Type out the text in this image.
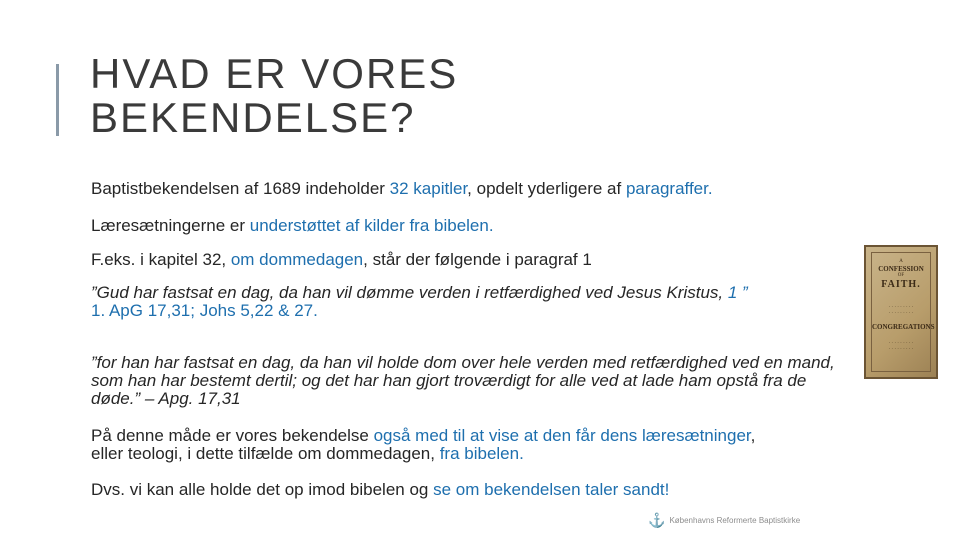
HVAD ER VORES
BEKENDELSE?

Baptistbekendelsen af 1689 indeholder 32 kapitler, opdelt yderligere af paragraffer.

Læresætningerne er understøttet af kilder fra bibelen.

F.eks. i kapitel 32, om dommedagen, står der følgende i paragraf 1

”Gud har fastsat en dag, da han vil dømme verden i retfærdighed ved Jesus Kristus, 1 ”
1. ApG 17,31; Johs 5,22 & 27.

”for han har fastsat en dag, da han vil holde dom over hele verden med retfærdighed ved en mand, som han har bestemt dertil; og det har han gjort troværdigt for alle ved at lade ham opstå fra de døde.” – Apg. 17,31

På denne måde er vores bekendelse også med til at vise at den får dens læresætninger, eller teologi, i dette tilfælde om dommedagen, fra bibelen.

Dvs. vi kan alle holde det op imod bibelen og se om bekendelsen taler sandt!

A
CONFESSION
OF
FAITH.
· · · · · · · · ·
· · · · · · · · ·
CONGREGATIONS
· · · · · · · · ·
· · · · · · · · ·
⚓ Københavns Reformerte Baptistkirke
